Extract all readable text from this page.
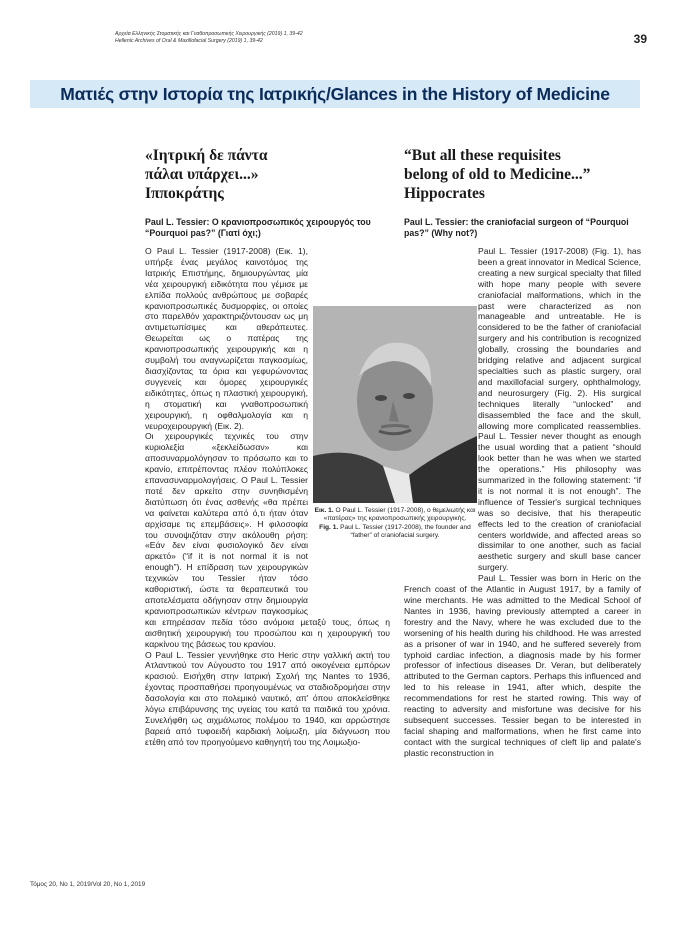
Αρχεία Ελληνικής Στοματικής και Γναθοπροσωπικής Χειρουργικής (2019) 1, 39-42
Hellenic Archives of Oral & Maxillofacial Surgery (2019) 1, 39-42	39
Ματιές στην Ιστορία της Ιατρικής/Glances in the History of Medicine
«Ιητρική δε πάντα
πάλαι υπάρχει...»
Ιπποκράτης
Paul L. Tessier: Ο κρανιοπροσωπικός χειρουργός του “Pourquoi pas?” (Γιατί όχι;)

Ο Paul L. Tessier (1917-2008) (Εικ. 1), υπήρξε ένας μεγάλος καινοτόμος της Ιατρικής Επιστήμης, δημιουργώντας μία νέα χειρουργική ειδικότητα που γέμισε με ελπίδα πολλούς ανθρώπους με σοβαρές κρανιοπροσωπικές δυσμορφίες, οι οποίες στο παρελθόν χαρακτηριζόντουσαν ως μη αντιμετωπίσιμες και αθεράπευτες. Θεωρείται ως ο πατέρας της κρανιοπροσωπικής χειρουργικής και η συμβολή του αναγνωρίζεται παγκοσμίως, διασχίζοντας τα όρια και γεφυρώνοντας συγγενείς και όμορες χειρουργικές ειδικότητες, όπως η πλαστική χειρουργική, η στοματική και γναθοπροσωπική χειρουργική, η οφθαλμολογία και η νευροχειρουργική (Εικ. 2).

Οι χειρουργικές τεχνικές του στην κυριολεξία «ξεκλείδωσαν» και αποσυναρμολόγησαν το πρόσωπο και το κρανίο, επιτρέποντας πλέον πολύπλοκες επανασυναρμολογήσεις. Ο Paul L. Tessier ποτέ δεν αρκείτο στην συνηθισμένη διατύπωση ότι ένας ασθενής «θα πρέπει να φαίνεται καλύτερα από ό,τι ήταν όταν αρχίσαμε τις επεμβάσεις». Η φιλοσοφία του συνοψιζόταν στην ακόλουθη ρήση: «Εάν δεν είναι φυσιολογικό δεν είναι αρκετό» (“if it is not normal it is not enough”). Η επίδραση των χειρουργικών τεχνικών του Tessier ήταν τόσο καθοριστική, ώστε τα θεραπευτικά του αποτελέσματα οδήγησαν στην δημιουργία κρανιοπροσωπικών κέντρων παγκοσμίως και επηρέασαν πεδία τόσο ανόμοια μεταξύ τους, όπως η αισθητική χειρουργική του προσώπου και η χειρουργική του καρκίνου της βάσεως του κρανίου.

Ο Paul L. Tessier γεννήθηκε στο Heric στην γαλλική ακτή του Ατλαντικού τον Αύγουστο του 1917 από οικογένεια εμπόρων κρασιού. Εισήχθη στην Ιατρική Σχολή της Nantes το 1936, έχοντας προσπαθήσει προηγουμένως να σταδιοδρομήσει στην δασολογία και στο πολεμικό ναυτικό, απ' όπου αποκλείσθηκε λόγω επιβάρυνσης της υγείας του κατά τα παιδικά του χρόνια. Συνελήφθη ως αιχμάλωτος πολέμου το 1940, και αρρώστησε βαρειά από τυφοειδή καρδιακή λοίμωξη, μία διάγνωση που ετέθη από τον προηγούμενο καθηγητή του της Λοιμωξιο-

“But all these requisites
belong of old to Medicine...”
Hippocrates
Paul L. Tessier: the craniofacial surgeon of “Pourquoi pas?” (Why not?)

Paul L. Tessier (1917-2008) (Fig. 1), has been a great innovator in Medical Science, creating a new surgical specialty that filled with hope many people with severe craniofacial malformations, which in the past were characterized as non manageable and untreatable. He is considered to be the father of craniofacial surgery and his contribution is recognized globally, crossing the boundaries and bridging relative and adjacent surgical specialties such as plastic surgery, oral and maxillofacial surgery, ophthalmology, and neurosurgery (Fig. 2). His surgical techniques literally “unlocked” and disassembled the face and the skull, allowing more complicated reassemblies. Paul L. Tessier never thought as enough the usual wording that a patient “should look better than he was when we started the operations.” His philosophy was summarized in the following statement: “if it is not normal it is not enough”. The influence of Tessier's surgical techniques was so decisive, that his therapeutic effects led to the creation of craniofacial centers worldwide, and affected areas so dissimilar to one another, such as facial aesthetic surgery and skull base cancer surgery.

Paul L. Tessier was born in Heric on the French coast of the Atlantic in August 1917, by a family of wine merchants. He was admitted to the Medical School of Nantes in 1936, having previously attempted a career in forestry and the Navy, where he was excluded due to the worsening of his health during his childhood. He was arrested as a prisoner of war in 1940, and he suffered severely from typhoid cardiac infection, a diagnosis made by his former professor of infectious diseases Dr. Veran, but deliberately attributed to the German captors. Perhaps this influenced and led to his release in 1941, after which, despite the recommendations for rest he started rowing. This way of reacting to adversity and misfortune was decisive for his subsequent successes. Tessier began to be interested in facial shaping and malformations, when he first came into contact with the surgical techniques of cleft lip and palate's plastic reconstruction in

Εικ. 1. Ο Paul L. Tessier (1917-2008), ο θεμελιωτής και «πατέρας» της κρανιοπροσωπικής χειρουργικής.
Fig. 1. Paul L. Tessier (1917-2008), the founder and “father” of craniofacial surgery.
Τόμος 20, Νο 1, 2019/Vol 20, No 1, 2019
